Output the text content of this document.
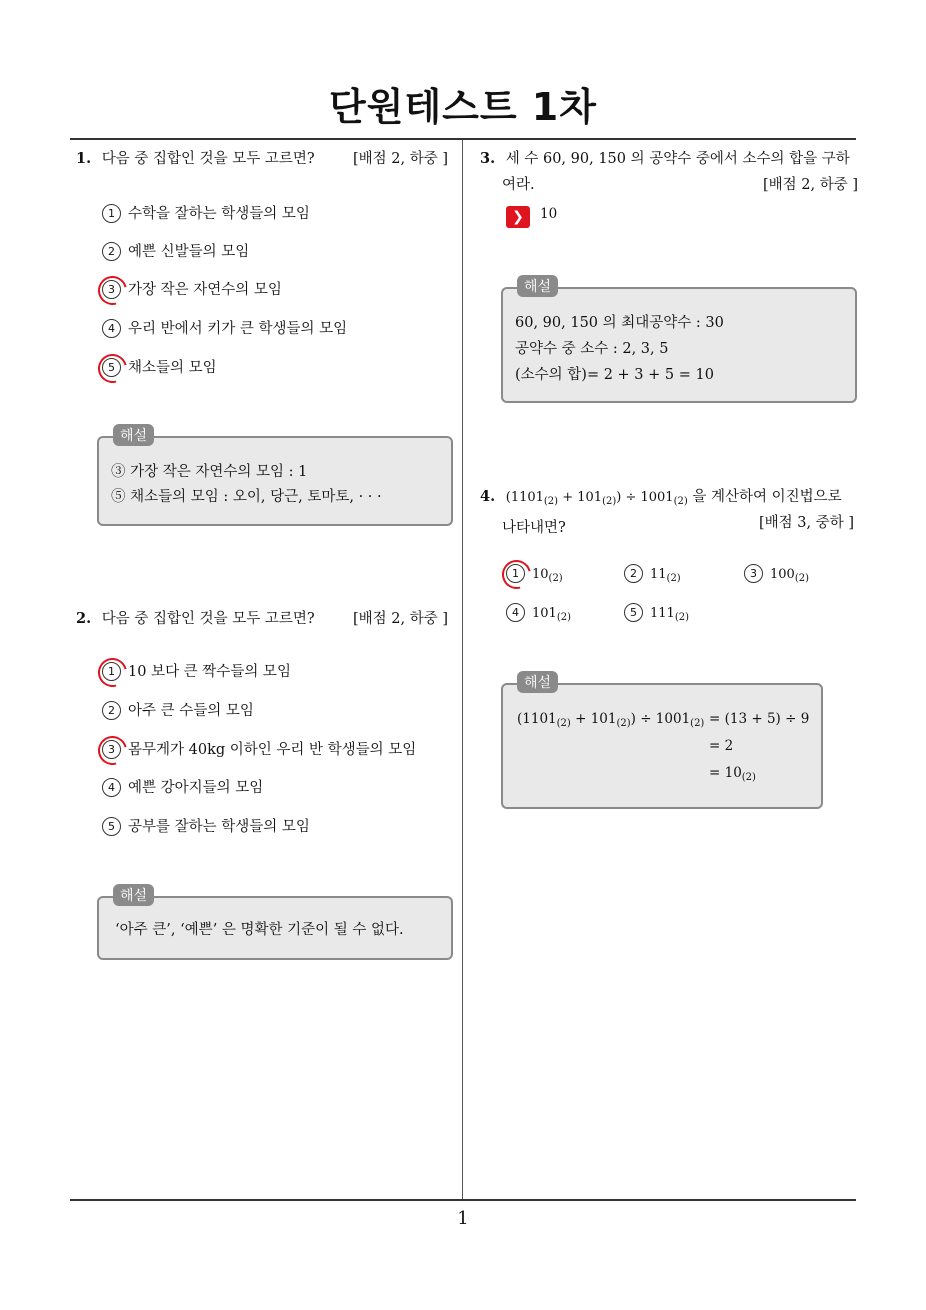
단원테스트 1차
1
1. 다음 중 집합인 것을 모두 고르면?	[배점 2, 하중 ]
1 수학을 잘하는 학생들의 모임
2 예쁜 신발들의 모임
3 가장 작은 자연수의 모임
4 우리 반에서 키가 큰 학생들의 모임
5 채소들의 모임
해설
③ 가장 작은 자연수의 모임 : 1
⑤ 채소들의 모임 : 오이, 당근, 토마토, · · ·
2. 다음 중 집합인 것을 모두 고르면?	[배점 2, 하중 ]
1 10 보다 큰 짝수들의 모임
2 아주 큰 수들의 모임
3 몸무게가 40kg 이하인 우리 반 학생들의 모임
4 예쁜 강아지들의 모임
5 공부를 잘하는 학생들의 모임
해설
‘아주 큰’, ‘예쁜’ 은 명확한 기준이 될 수 없다.
3. 세 수 60, 90, 150 의 공약수 중에서 소수의 합을 구하
여라.	[배점 2, 하중 ]
❯	10
해설
60, 90, 150 의 최대공약수 : 30
공약수 중 소수 : 2, 3, 5
(소수의 합)= 2 + 3 + 5 = 10
4. $(1101_{(2)} + 101_{(2)}) \div 1001_{(2)}$ 을 계산하여 이진법으로
나타내면?	[배점 3, 중하 ]
1 $10_{(2)}$	2 $11_{(2)}$	3 $100_{(2)}$
4 $101_{(2)}$	5 $111_{(2)}$
해설
$(1101_{(2)} + 101_{(2)}) \div 1001_{(2)} = (13 + 5) \div 9$
= 2
= $10_{(2)}$
